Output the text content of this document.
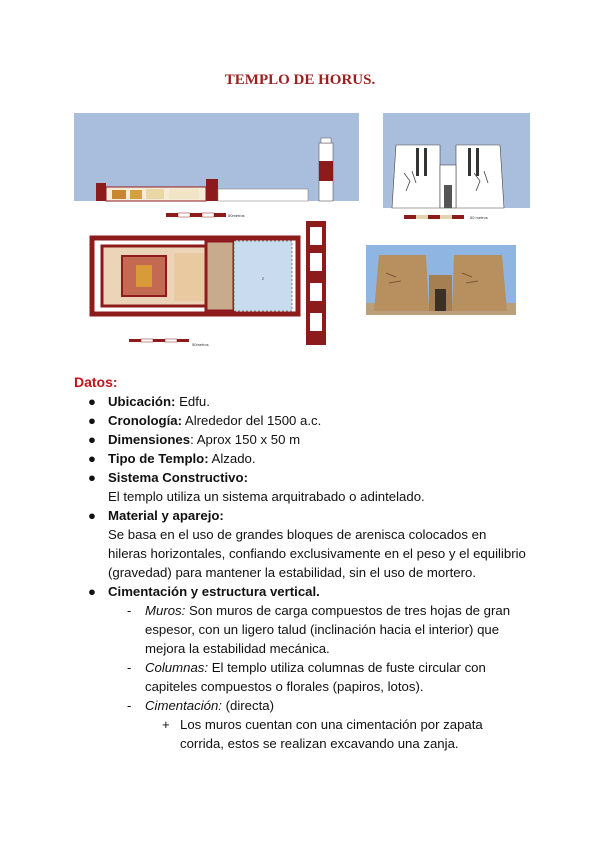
TEMPLO DE HORUS.
50metros	50 metros
2
50metros
Datos:
● Ubicación: Edfu.
● Cronología: Alrededor del 1500 a.c.
● Dimensiones: Aprox 150 x 50 m
● Tipo de Templo: Alzado.
● Sistema Constructivo:
El templo utiliza un sistema arquitrabado o adintelado.
● Material y aparejo:
Se basa en el uso de grandes bloques de arenisca colocados en hileras horizontales, confiando exclusivamente en el peso y el equilibrio (gravedad) para mantener la estabilidad, sin el uso de mortero.
● Cimentación y estructura vertical.
- Muros: Son muros de carga compuestos de tres hojas de gran espesor, con un ligero talud (inclinación hacia el interior) que mejora la estabilidad mecánica.
- Columnas: El templo utiliza columnas de fuste circular con capiteles compuestos o florales (papiros, lotos).
- Cimentación: (directa)
+ Los muros cuentan con una cimentación por zapata corrida, estos se realizan excavando una zanja.
